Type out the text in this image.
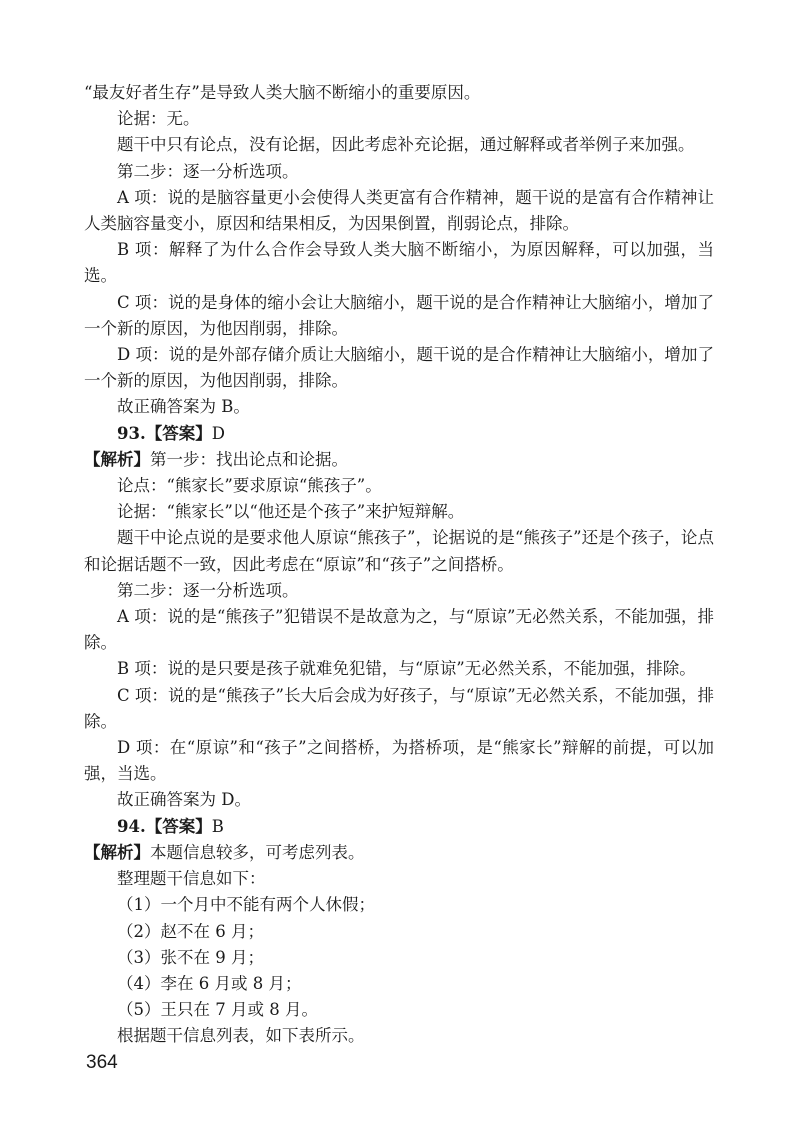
“最友好者生存”是导致人类大脑不断缩小的重要原因。

论据：无。

题干中只有论点，没有论据，因此考虑补充论据，通过解释或者举例子来加强。

第二步：逐一分析选项。

A 项：说的是脑容量更小会使得人类更富有合作精神，题干说的是富有合作精神让人类脑容量变小，原因和结果相反，为因果倒置，削弱论点，排除。

B 项：解释了为什么合作会导致人类大脑不断缩小，为原因解释，可以加强，当选。

C 项：说的是身体的缩小会让大脑缩小，题干说的是合作精神让大脑缩小，增加了一个新的原因，为他因削弱，排除。

D 项：说的是外部存储介质让大脑缩小，题干说的是合作精神让大脑缩小，增加了一个新的原因，为他因削弱，排除。

故正确答案为 B。

93.【答案】D

【解析】第一步：找出论点和论据。

论点：“熊家长”要求原谅“熊孩子”。

论据：“熊家长”以“他还是个孩子”来护短辩解。

题干中论点说的是要求他人原谅“熊孩子”，论据说的是“熊孩子”还是个孩子，论点和论据话题不一致，因此考虑在“原谅”和“孩子”之间搭桥。

第二步：逐一分析选项。

A 项：说的是“熊孩子”犯错误不是故意为之，与“原谅”无必然关系，不能加强，排除。

B 项：说的是只要是孩子就难免犯错，与“原谅”无必然关系，不能加强，排除。

C 项：说的是“熊孩子”长大后会成为好孩子，与“原谅”无必然关系，不能加强，排除。

D 项：在“原谅”和“孩子”之间搭桥，为搭桥项，是“熊家长”辩解的前提，可以加强，当选。

故正确答案为 D。

94.【答案】B

【解析】本题信息较多，可考虑列表。

整理题干信息如下：

（1）一个月中不能有两个人休假；

（2）赵不在 6 月；

（3）张不在 9 月；

（4）李在 6 月或 8 月；

（5）王只在 7 月或 8 月。

根据题干信息列表，如下表所示。

364
